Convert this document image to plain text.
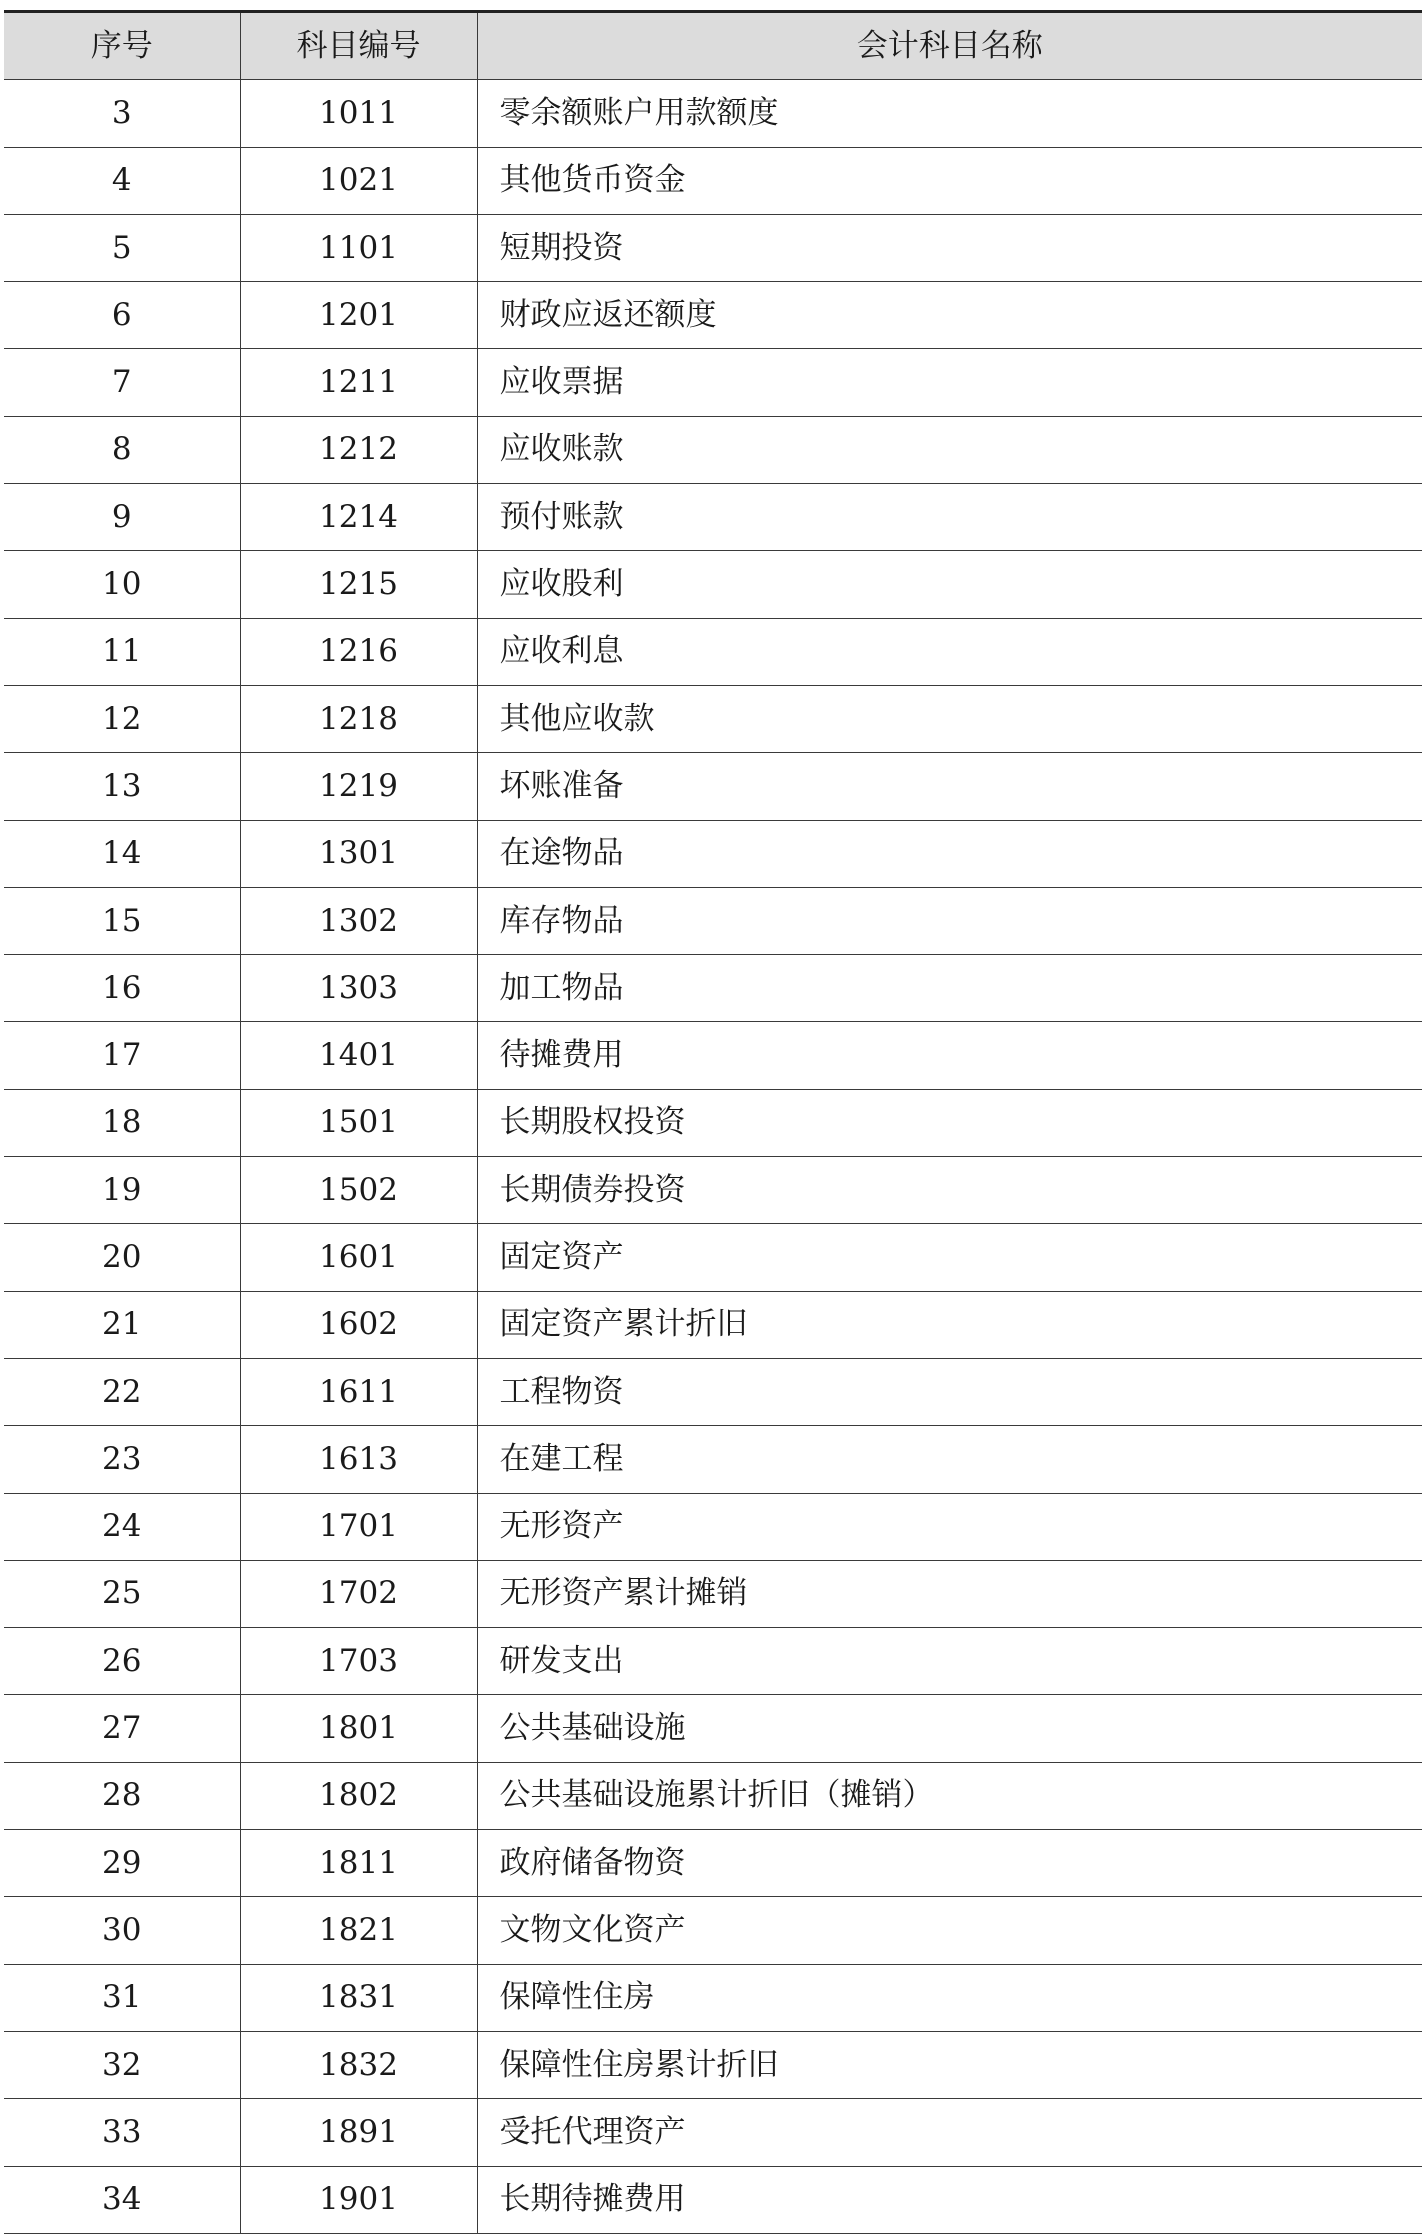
序号	科目编号	会计科目名称
3	1011	零余额账户用款额度
4	1021	其他货币资金
5	1101	短期投资
6	1201	财政应返还额度
7	1211	应收票据
8	1212	应收账款
9	1214	预付账款
10	1215	应收股利
11	1216	应收利息
12	1218	其他应收款
13	1219	坏账准备
14	1301	在途物品
15	1302	库存物品
16	1303	加工物品
17	1401	待摊费用
18	1501	长期股权投资
19	1502	长期债券投资
20	1601	固定资产
21	1602	固定资产累计折旧
22	1611	工程物资
23	1613	在建工程
24	1701	无形资产
25	1702	无形资产累计摊销
26	1703	研发支出
27	1801	公共基础设施
28	1802	公共基础设施累计折旧（摊销）
29	1811	政府储备物资
30	1821	文物文化资产
31	1831	保障性住房
32	1832	保障性住房累计折旧
33	1891	受托代理资产
34	1901	长期待摊费用
